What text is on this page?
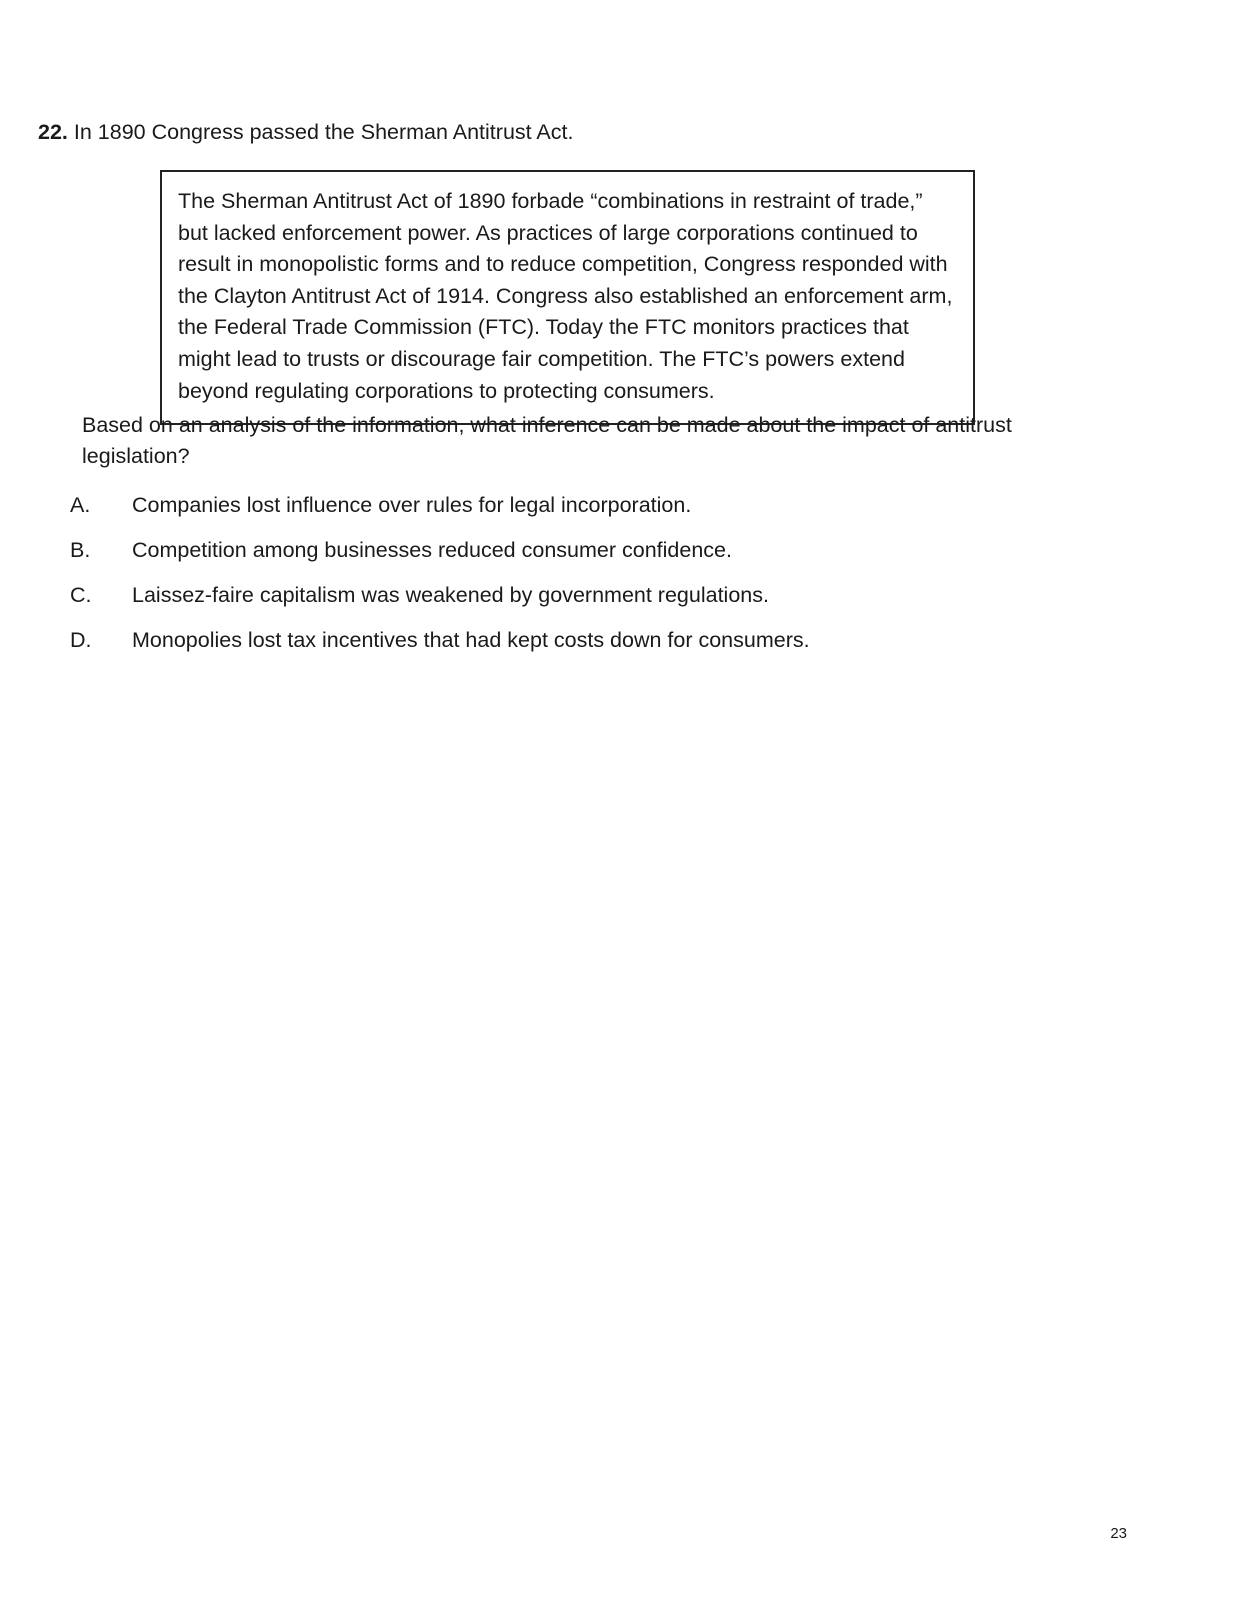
22. In 1890 Congress passed the Sherman Antitrust Act.
The Sherman Antitrust Act of 1890 forbade “combinations in restraint of trade,” but lacked enforcement power. As practices of large corporations continued to result in monopolistic forms and to reduce competition, Congress responded with the Clayton Antitrust Act of 1914. Congress also established an enforcement arm, the Federal Trade Commission (FTC). Today the FTC monitors practices that might lead to trusts or discourage fair competition. The FTC’s powers extend beyond regulating corporations to protecting consumers.
Based on an analysis of the information, what inference can be made about the impact of antitrust legislation?
A.	Companies lost influence over rules for legal incorporation.
B.	Competition among businesses reduced consumer confidence.
C.	Laissez-faire capitalism was weakened by government regulations.
D.	Monopolies lost tax incentives that had kept costs down for consumers.
23
